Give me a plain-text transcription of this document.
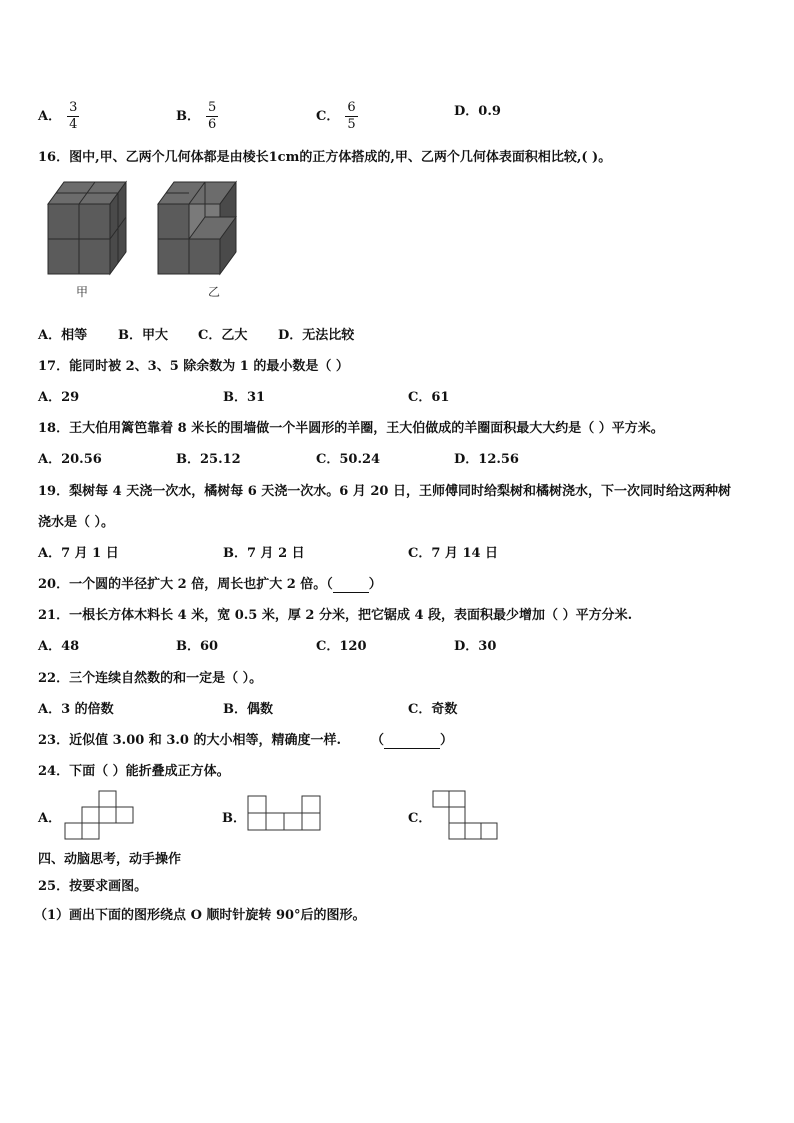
A． $\frac{3}{4}$	B． $\frac{5}{6}$	C． $\frac{6}{5}$	D．0.9
16．图中,甲、乙两个几何体都是由棱长1cm的正方体搭成的,甲、乙两个几何体表面积相比较,( )。
甲	乙
A．相等 B．甲大 C．乙大 D．无法比较
17．能同时被 2、3、5 除余数为 1 的最小数是（ ）
A．29	B．31	C．61
18．王大伯用篱笆靠着 8 米长的围墙做一个半圆形的羊圈，王大伯做成的羊圈面积最大大约是（ ）平方米。
A．20.56	B．25.12	C．50.24	D．12.56
19．梨树每 4 天浇一次水，橘树每 6 天浇一次水。6 月 20 日，王师傅同时给梨树和橘树浇水，下一次同时给这两种树
浇水是（ ）。
A．7 月 1 日	B．7 月 2 日	C．7 月 14 日
20．一个圆的半径扩大 2 倍，周长也扩大 2 倍。（	）
21．一根长方体木料长 4 米，宽 0.5 米，厚 2 分米，把它锯成 4 段，表面积最少增加（ ）平方分米.
A．48	B．60	C．120	D．30
22．三个连续自然数的和一定是（ ）。
A．3 的倍数	B．偶数	C．奇数
23．近似值 3.00 和 3.0 的大小相等，精确度一样. （	）
24．下面（ ）能折叠成正方体。
A．	B．	C．
四、动脑思考，动手操作
25．按要求画图。
（1）画出下面的图形绕点 O 顺时针旋转 90°后的图形。
